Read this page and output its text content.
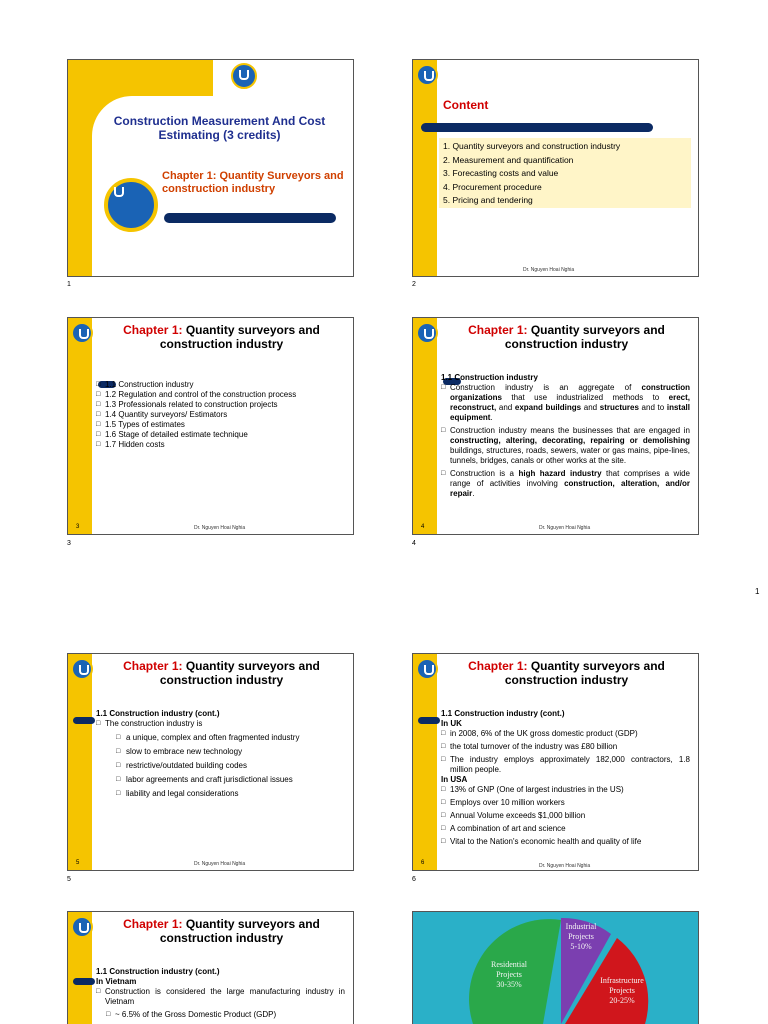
1
Construction Measurement And Cost Estimating (3 credits)
Chapter 1: Quantity Surveyors and construction industry
1
Content
1. Quantity surveyors and construction industry
2. Measurement and quantification
3. Forecasting costs and value
4. Procurement procedure
5. Pricing and tendering
Dr. Nguyen Hoai Nghia
2
Chapter 1: Quantity surveyors and construction industry
□ 1.1 Construction industry
□ 1.2 Regulation and control of the construction process
□ 1.3 Professionals related to construction projects
□ 1.4 Quantity surveyors/ Estimators
□ 1.5 Types of estimates
□ 1.6 Stage of detailed estimate technique
□ 1.7 Hidden costs
3	Dr. Nguyen Hoai Nghia
3
Chapter 1: Quantity surveyors and construction industry
1.1 Construction industry
□ Construction industry is an aggregate of construction organizations that use industrialized methods to erect, reconstruct, and expand buildings and structures and to install equipment.
□ Construction industry means the businesses that are engaged in constructing, altering, decorating, repairing or demolishing buildings, structures, roads, sewers, water or gas mains, pipe-lines, tunnels, bridges, canals or other works at the site.
□ Construction is a high hazard industry that comprises a wide range of activities involving construction, alteration, and/or repair.
4	Dr. Nguyen Hoai Nghia
4
Chapter 1: Quantity surveyors and construction industry
1.1 Construction industry (cont.)
□ The construction industry is
□ a unique, complex and often fragmented industry
□ slow to embrace new technology
□ restrictive/outdated building codes
□ labor agreements and craft jurisdictional issues
□ liability and legal considerations
5	Dr. Nguyen Hoai Nghia
5
Chapter 1: Quantity surveyors and construction industry
1.1 Construction industry (cont.)
In UK
□ in 2008, 6% of the UK gross domestic product (GDP)
□ the total turnover of the industry was £80 billion
□ The industry employs approximately 182,000 contractors, 1.8 million people.
In USA
□ 13% of GNP (One of largest industries in the US)
□ Employs over 10 million workers
□ Annual Volume exceeds $1,000 billion
□ A combination of art and science
□ Vital to the Nation's economic health and quality of life
6	Dr. Nguyen Hoai Nghia
6
Chapter 1: Quantity surveyors and construction industry
1.1 Construction industry (cont.)
In Vietnam
□ Construction is considered the large manufacturing industry in Vietnam
□ ~ 6.5% of the Gross Domestic Product (GDP)
Industrial
Projects
5-10%
Residential
Projects
30-35%	Infrastructure
Projects
20-25%
